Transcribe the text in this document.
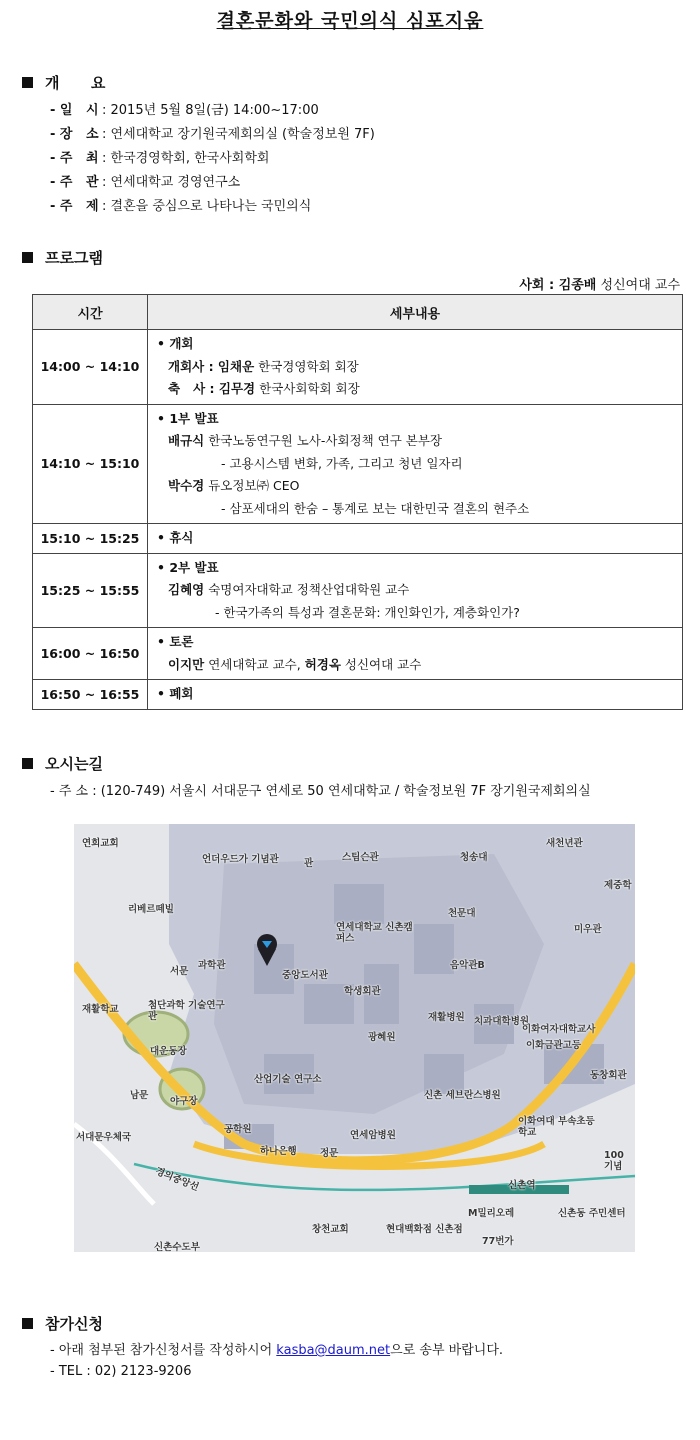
결혼문화와 국민의식 심포지움
개      요
- 일   시 : 2015년 5월 8일(금) 14:00~17:00
- 장   소 : 연세대학교 장기원국제회의실 (학술정보원 7F)
- 주   최 : 한국경영학회, 한국사회학회
- 주   관 : 연세대학교 경영연구소
- 주   제 : 결혼을 중심으로 나타나는 국민의식
프로그램
사회 : 김종배 성신여대 교수
시간	세부내용
14:00 ~ 14:10	• 개회
개회사 : 임채운 한국경영학회 회장
축   사 : 김무경 한국사회학회 회장

14:10 ~ 15:10	• 1부 발표
배규식 한국노동연구원 노사-사회정책 연구 본부장
- 고용시스템 변화, 가족, 그리고 청년 일자리
박수경 듀오정보㈜ CEO
- 삼포세대의 한숨 – 통계로 보는 대한민국 결혼의 현주소

15:10 ~ 15:25	• 휴식

15:25 ~ 15:55	• 2부 발표
김혜영 숙명여자대학교 정책산업대학원 교수
- 한국가족의 특성과 결혼문화: 개인화인가, 계층화인가?

16:00 ~ 16:50	• 토론
이지만 연세대학교 교수, 허경옥 성신여대 교수

16:50 ~ 16:55	• 폐회
오시는길
- 주 소 : (120-749) 서울시 서대문구 연세로 50 연세대학교 / 학술정보원 7F 장기원국제회의실
연희교회
언더우드가 기념관	관
스팀슨관	청송대
새천년관
제중학
리베르떼빌
연세대학교 신촌캠퍼스
천문대
미우관
과학관
서문	중앙도서관
음악관B
학생회관
재활학교	첨단과학 기술연구관	재활병원 치과대학병원
이화여자대학교사
이화금관고등
광혜원
대운동장
산업기술 연구소
신촌 세브란스병원
동창회관
남문
야구장
공학원
연세암병원
이화여대 부속초등학교
서대문우체국
하나은행 정문	100 기념
신촌역
M밀리오레	신촌동 주민센터
창천교회	현대백화점 신촌점
77번가
신촌수도부
경의중앙선
참가신청
- 아래 첨부된 참가신청서를 작성하시어 kasba@daum.net으로 송부 바랍니다.
- TEL : 02) 2123-9206
